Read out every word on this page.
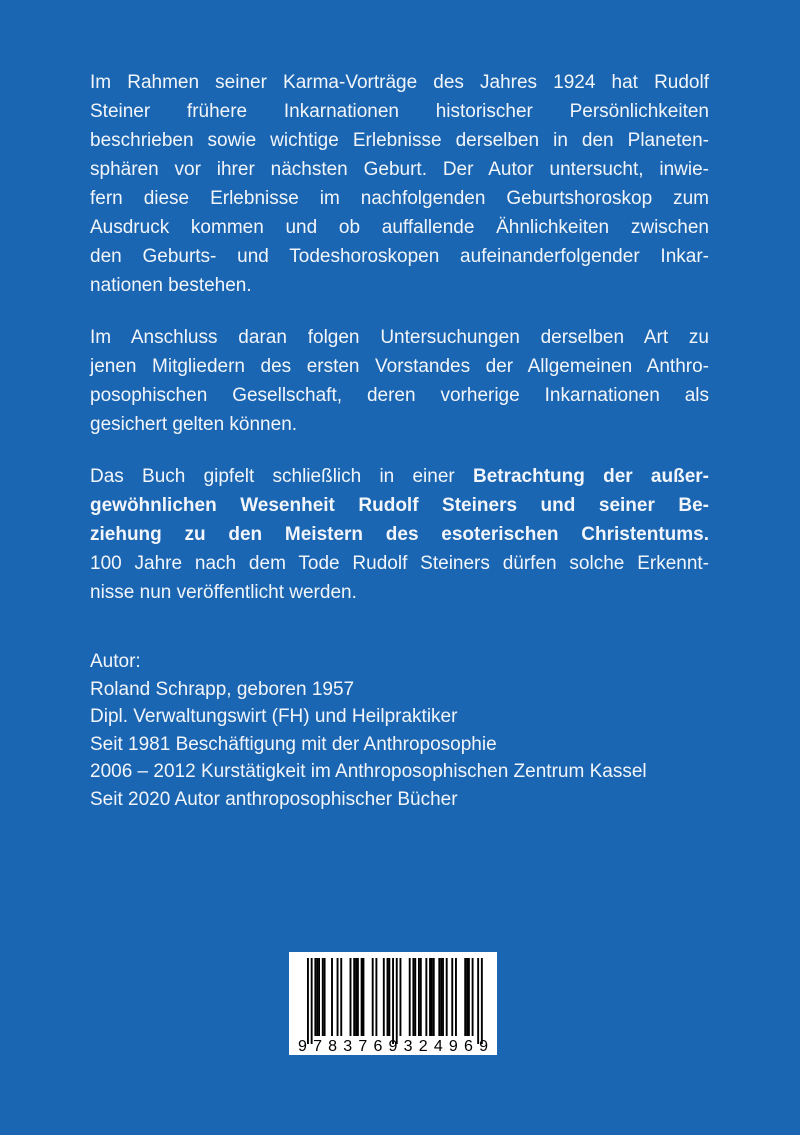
Im Rahmen seiner Karma-Vorträge des Jahres 1924 hat Rudolf
Steiner frühere Inkarnationen historischer Persönlichkeiten
beschrieben sowie wichtige Erlebnisse derselben in den Planeten-
sphären vor ihrer nächsten Geburt. Der Autor untersucht, inwie-
fern diese Erlebnisse im nachfolgenden Geburtshoroskop zum
Ausdruck kommen und ob auffallende Ähnlichkeiten zwischen
den Geburts- und Todeshoroskopen aufeinanderfolgender Inkar-
nationen bestehen.
Im Anschluss daran folgen Untersuchungen derselben Art zu
jenen Mitgliedern des ersten Vorstandes der Allgemeinen Anthro-
posophischen Gesellschaft, deren vorherige Inkarnationen als
gesichert gelten können.
Das Buch gipfelt schließlich in einer Betrachtung der außer-
gewöhnlichen Wesenheit Rudolf Steiners und seiner Be-
ziehung zu den Meistern des esoterischen Christentums.
100 Jahre nach dem Tode Rudolf Steiners dürfen solche Erkennt-
nisse nun veröffentlicht werden.
Autor:
Roland Schrapp, geboren 1957
Dipl. Verwaltungswirt (FH) und Heilpraktiker
Seit 1981 Beschäftigung mit der Anthroposophie
2006 – 2012 Kurstätigkeit im Anthroposophischen Zentrum Kassel
Seit 2020 Autor anthroposophischer Bücher
9783769324969
